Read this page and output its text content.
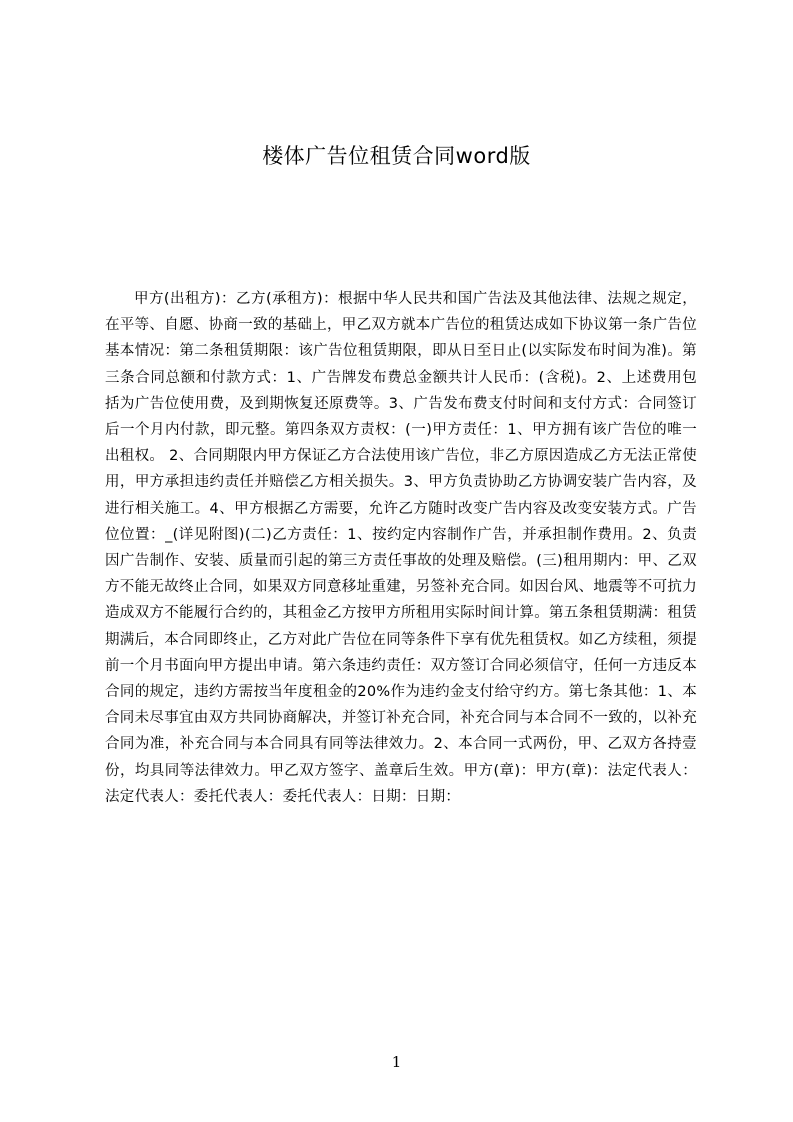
楼体广告位租赁合同word版

甲方(出租方)：乙方(承租方)：根据中华人民共和国广告法及其他法律、法规之规定，在平等、自愿、协商一致的基础上，甲乙双方就本广告位的租赁达成如下协议第一条广告位基本情况：第二条租赁期限：该广告位租赁期限，即从日至日止(以实际发布时间为准)。第三条合同总额和付款方式：1、广告牌发布费总金额共计人民币：(含税)。2、上述费用包括为广告位使用费，及到期恢复还原费等。3、广告发布费支付时间和支付方式：合同签订后一个月内付款，即元整。第四条双方责权：(一)甲方责任：1、甲方拥有该广告位的唯一出租权。 2、合同期限内甲方保证乙方合法使用该广告位，非乙方原因造成乙方无法正常使用，甲方承担违约责任并赔偿乙方相关损失。3、甲方负责协助乙方协调安装广告内容，及进行相关施工。4、甲方根据乙方需要，允许乙方随时改变广告内容及改变安装方式。广告位位置：_(详见附图)(二)乙方责任：1、按约定内容制作广告，并承担制作费用。2、负责因广告制作、安装、质量而引起的第三方责任事故的处理及赔偿。(三)租用期内：甲、乙双方不能无故终止合同，如果双方同意移址重建，另签补充合同。如因台风、地震等不可抗力造成双方不能履行合约的，其租金乙方按甲方所租用实际时间计算。第五条租赁期满：租赁期满后，本合同即终止，乙方对此广告位在同等条件下享有优先租赁权。如乙方续租，须提前一个月书面向甲方提出申请。第六条违约责任：双方签订合同必须信守，任何一方违反本合同的规定，违约方需按当年度租金的20%作为违约金支付给守约方。第七条其他：1、本合同未尽事宜由双方共同协商解决，并签订补充合同，补充合同与本合同不一致的，以补充合同为准，补充合同与本合同具有同等法律效力。2、本合同一式两份，甲、乙双方各持壹份，均具同等法律效力。甲乙双方签字、盖章后生效。甲方(章)：甲方(章)：法定代表人：法定代表人：委托代表人：委托代表人：日期：日期：

1
